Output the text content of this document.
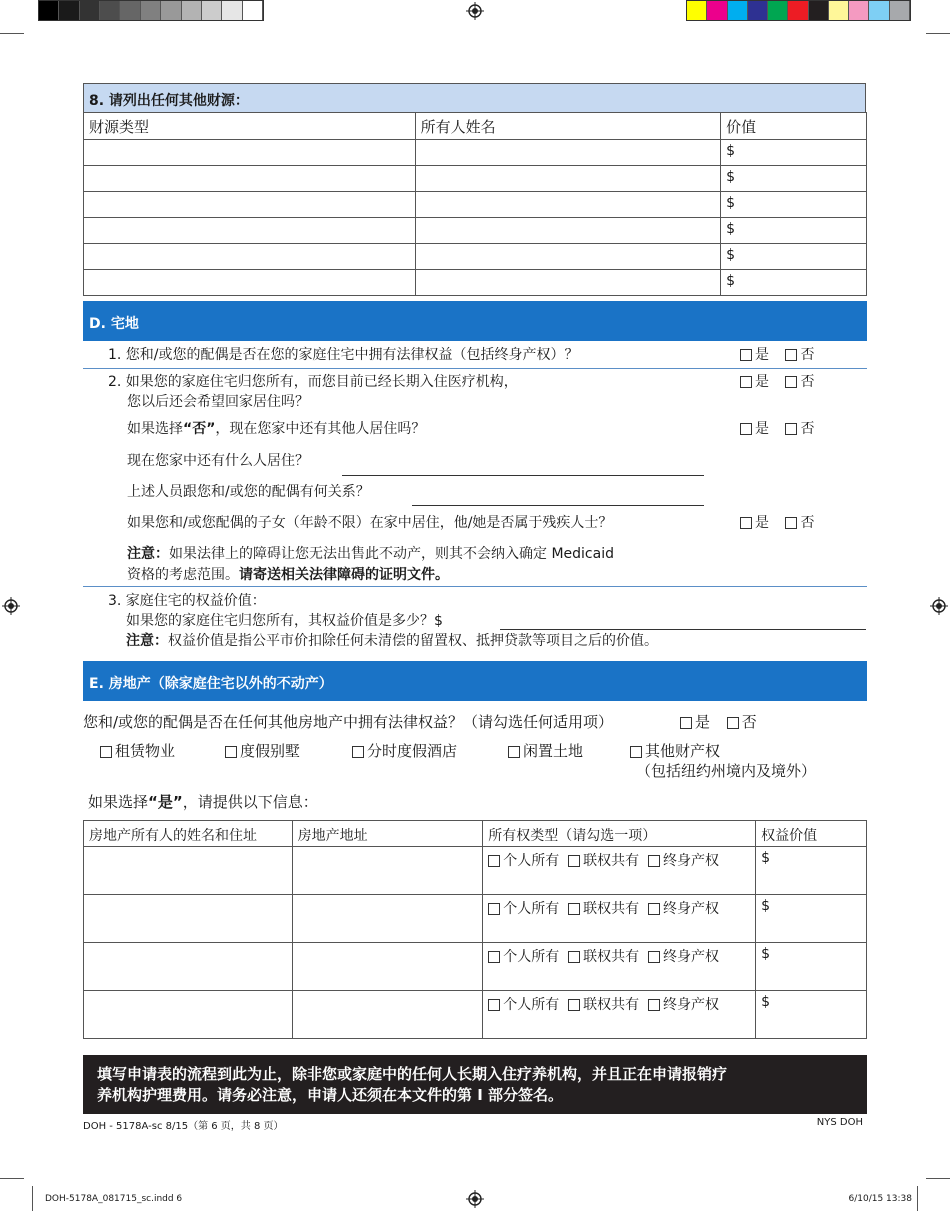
8. 请列出任何其他财源：
财源类型	所有人姓名	价值
		$
		$
		$
		$
		$
		$
D. 宅地
1. 您和/或您的配偶是否在您的家庭住宅中拥有法律权益（包括终身产权）？	是 否
2. 如果您的家庭住宅归您所有，而您目前已经长期入住医疗机构，
您以后还会希望回家居住吗？
是 否
如果选择“否”，现在您家中还有其他人居住吗？	是 否
现在您家中还有什么人居住？
上述人员跟您和/或您的配偶有何关系？
如果您和/或您配偶的子女（年龄不限）在家中居住，他/她是否属于残疾人士？	是 否
注意：如果法律上的障碍让您无法出售此不动产，则其不会纳入确定 Medicaid
资格的考虑范围。请寄送相关法律障碍的证明文件。
3. 家庭住宅的权益价值：
如果您的家庭住宅归您所有，其权益价值是多少？$
注意：权益价值是指公平市价扣除任何未清偿的留置权、抵押贷款等项目之后的价值。
E. 房地产（除家庭住宅以外的不动产）
您和/或您的配偶是否在任何其他房地产中拥有法律权益？（请勾选任何适用项）	是 否
租赁物业	度假别墅	分时度假酒店	闲置土地	其他财产权
（包括纽约州境内及境外）
如果选择“是”，请提供以下信息：
房地产所有人的姓名和住址	房地产地址	所有权类型（请勾选一项）	权益价值
		个人所有 联权共有 终身产权	$
		个人所有 联权共有 终身产权	$
		个人所有 联权共有 终身产权	$
		个人所有 联权共有 终身产权	$
填写申请表的流程到此为止，除非您或家庭中的任何人长期入住疗养机构，并且正在申请报销疗
养机构护理费用。请务必注意，申请人还须在本文件的第 I 部分签名。
DOH - 5178A-sc 8/15（第 6 页，共 8 页）	NYS DOH
DOH-5178A_081715_sc.indd 6	6/10/15 13:38
